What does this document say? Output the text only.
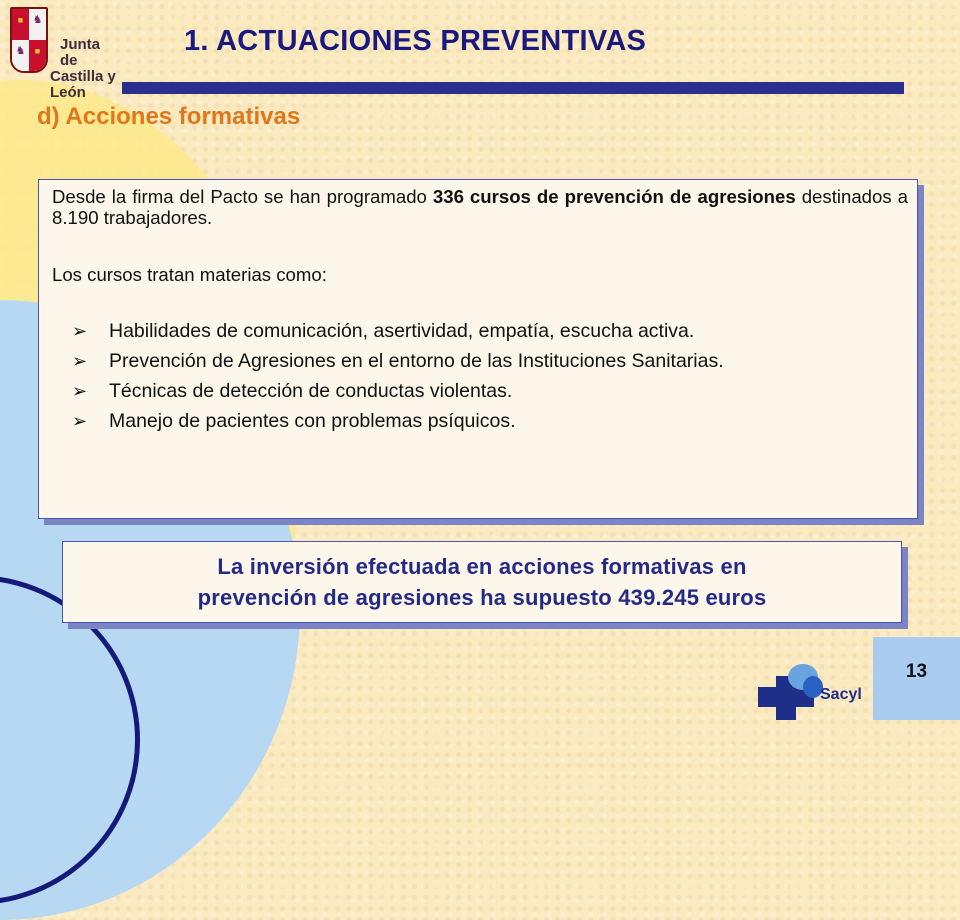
■
♞
♞
■
Junta de
Castilla y León
1. ACTUACIONES PREVENTIVAS
d) Acciones formativas

Desde la firma del Pacto se han programado 336 cursos de prevención de agresiones destinados a 8.190 trabajadores.

Los cursos tratan materias como:

➢ Habilidades de comunicación, asertividad, empatía, escucha activa.
➢ Prevención de Agresiones en el entorno de las Instituciones Sanitarias.
➢ Técnicas de detección de conductas violentas.
➢ Manejo de pacientes con problemas psíquicos.
La inversión efectuada en acciones formativas en
prevención de agresiones ha supuesto 439.245 euros
Sacyl
13
